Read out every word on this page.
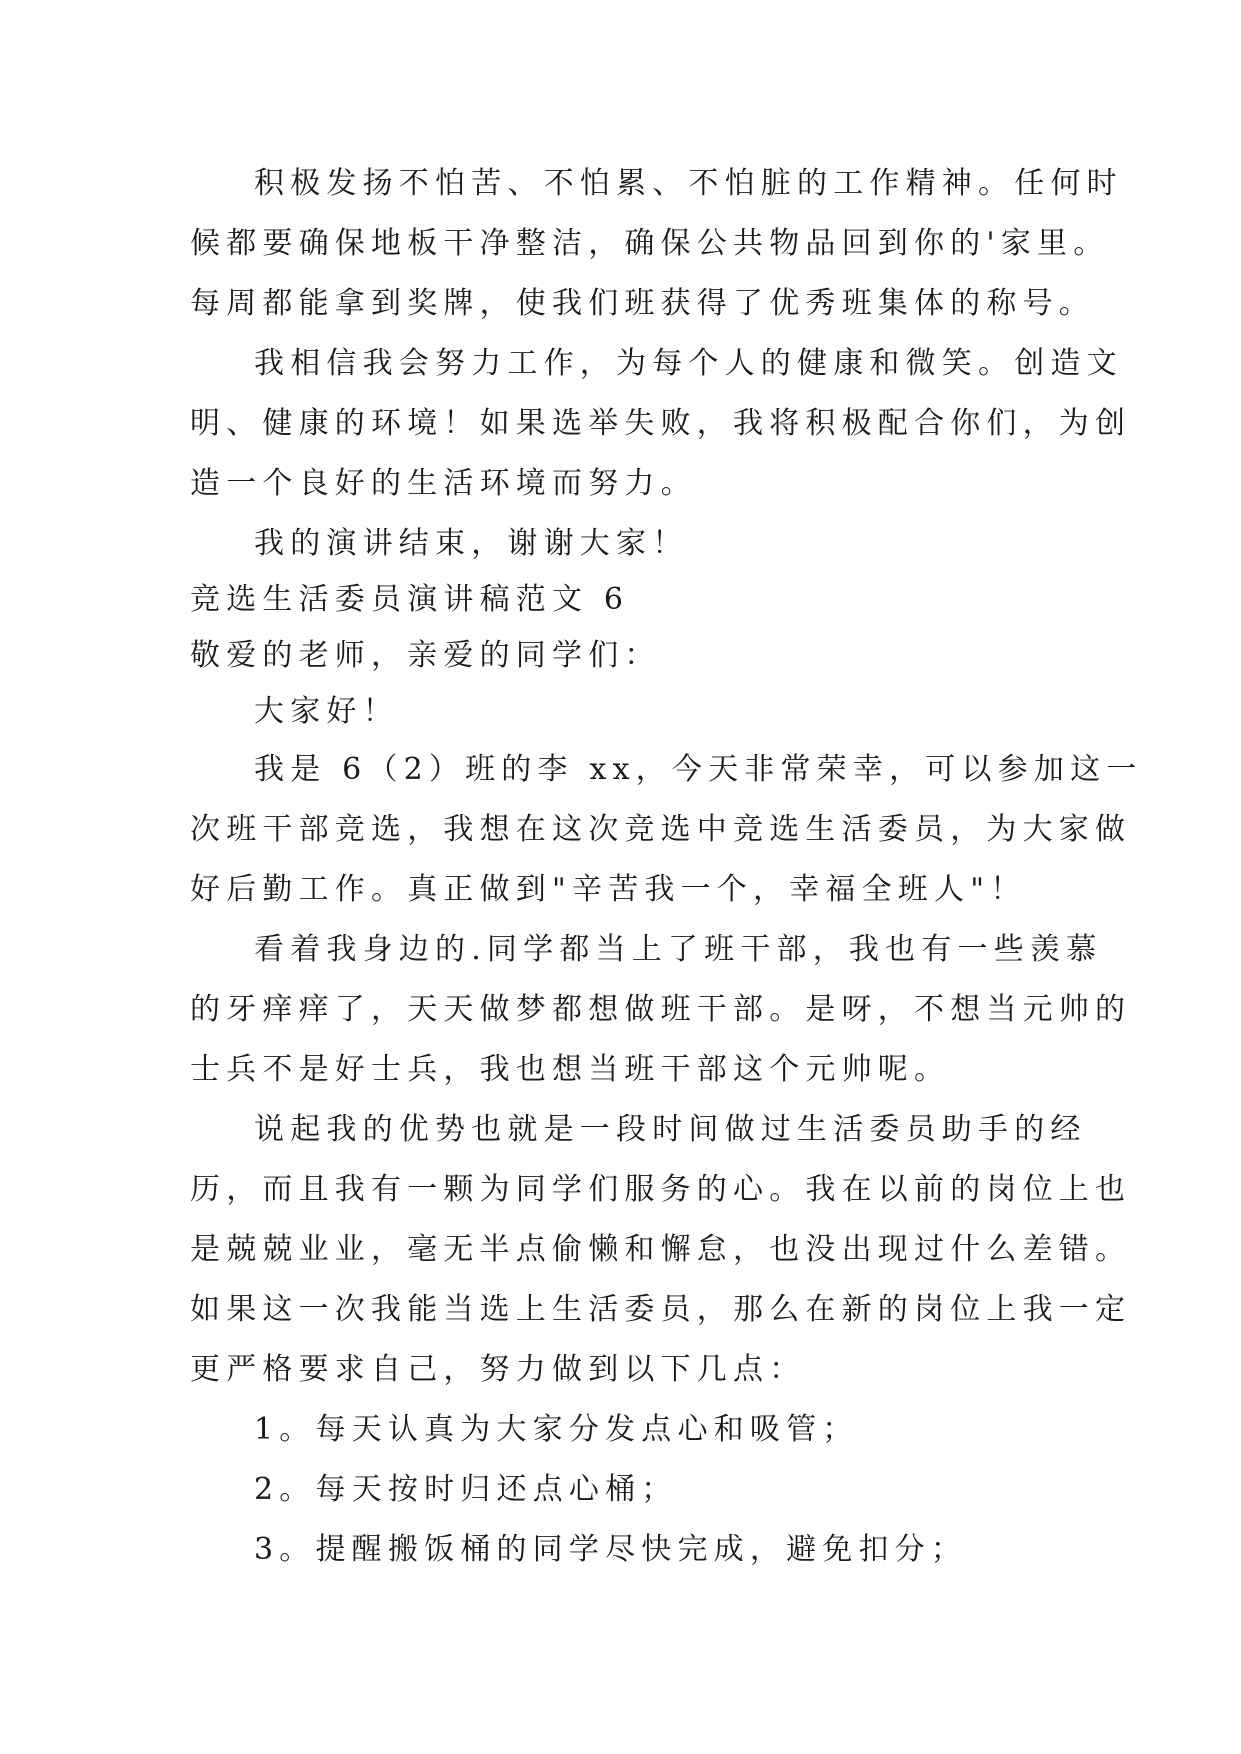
积极发扬不怕苦、不怕累、不怕脏的工作精神。任何时
候都要确保地板干净整洁，确保公共物品回到你的'家里。
每周都能拿到奖牌，使我们班获得了优秀班集体的称号。
我相信我会努力工作，为每个人的健康和微笑。创造文
明、健康的环境！如果选举失败，我将积极配合你们，为创
造一个良好的生活环境而努力。
我的演讲结束，谢谢大家！
竞选生活委员演讲稿范文 6
敬爱的老师，亲爱的同学们：
大家好！
我是 6（2）班的李 xx，今天非常荣幸，可以参加这一
次班干部竞选，我想在这次竞选中竞选生活委员，为大家做
好后勤工作。真正做到"辛苦我一个，幸福全班人"！
看着我身边的.同学都当上了班干部，我也有一些羡慕
的牙痒痒了，天天做梦都想做班干部。是呀，不想当元帅的
士兵不是好士兵，我也想当班干部这个元帅呢。
说起我的优势也就是一段时间做过生活委员助手的经
历，而且我有一颗为同学们服务的心。我在以前的岗位上也
是兢兢业业，毫无半点偷懒和懈怠，也没出现过什么差错。
如果这一次我能当选上生活委员，那么在新的岗位上我一定
更严格要求自己，努力做到以下几点：
1。每天认真为大家分发点心和吸管；
2。每天按时归还点心桶；
3。提醒搬饭桶的同学尽快完成，避免扣分；
